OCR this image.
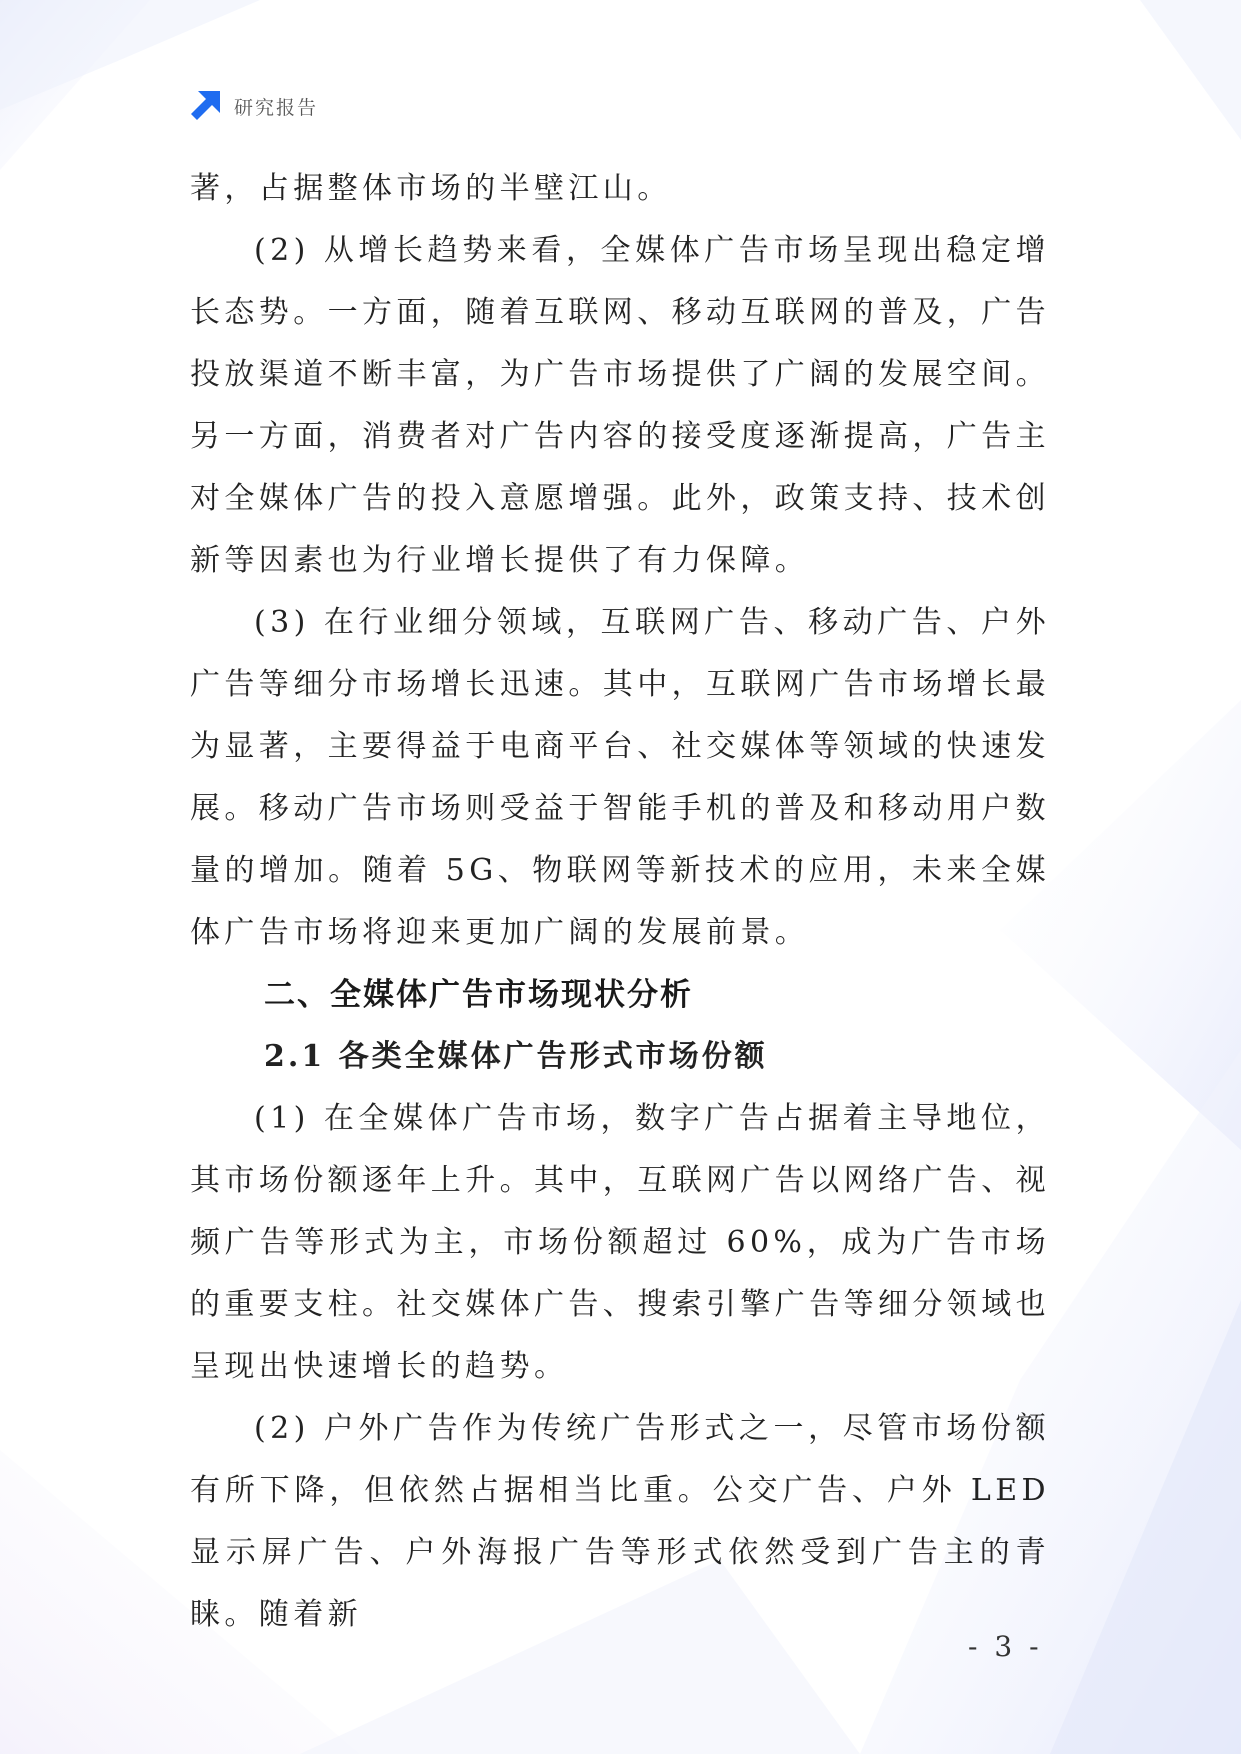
研究报告

著，占据整体市场的半壁江山。

(2) 从增长趋势来看，全媒体广告市场呈现出稳定增长态势。一方面，随着互联网、移动互联网的普及，广告投放渠道不断丰富，为广告市场提供了广阔的发展空间。另一方面，消费者对广告内容的接受度逐渐提高，广告主对全媒体广告的投入意愿增强。此外，政策支持、技术创新等因素也为行业增长提供了有力保障。

(3) 在行业细分领域，互联网广告、移动广告、户外广告等细分市场增长迅速。其中，互联网广告市场增长最为显著，主要得益于电商平台、社交媒体等领域的快速发展。移动广告市场则受益于智能手机的普及和移动用户数量的增加。随着 5G、物联网等新技术的应用，未来全媒体广告市场将迎来更加广阔的发展前景。

二、全媒体广告市场现状分析
2.1 各类全媒体广告形式市场份额

(1) 在全媒体广告市场，数字广告占据着主导地位，其市场份额逐年上升。其中，互联网广告以网络广告、视频广告等形式为主，市场份额超过 60%，成为广告市场的重要支柱。社交媒体广告、搜索引擎广告等细分领域也呈现出快速增长的趋势。

(2) 户外广告作为传统广告形式之一，尽管市场份额有所下降，但依然占据相当比重。公交广告、户外 LED 显示屏广告、户外海报广告等形式依然受到广告主的青睐。随着新

- 3 -
